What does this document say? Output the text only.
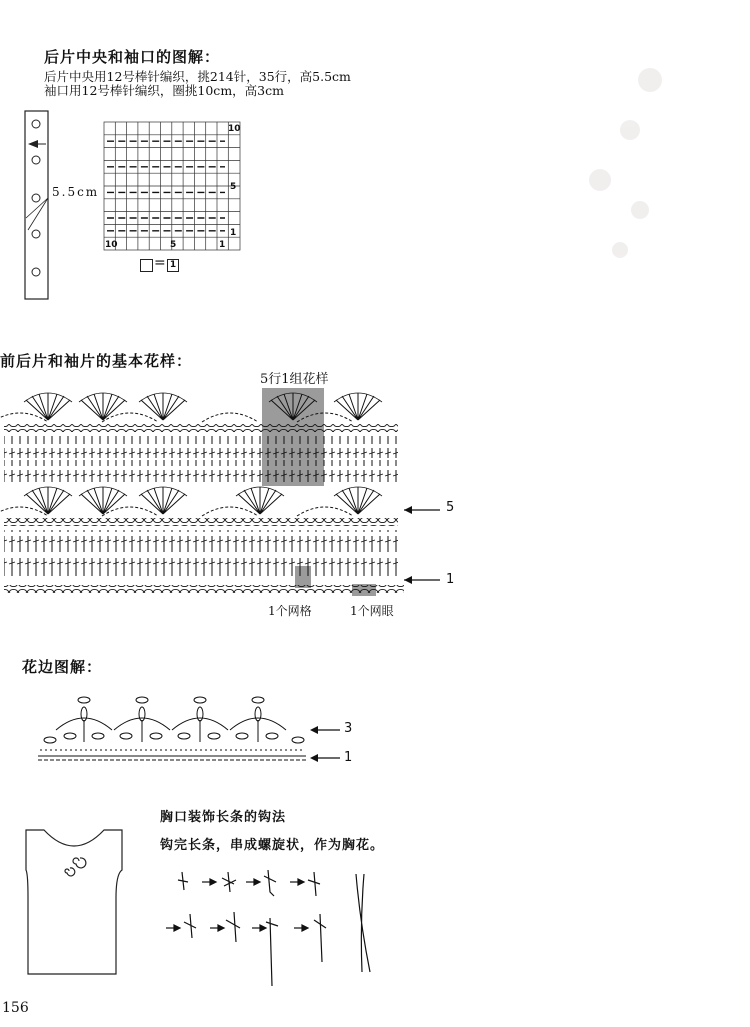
后片中央和袖口的图解：
后片中央用12号棒针编织，挑214针，35行，高5.5cm
袖口用12号棒针编织，圈挑10cm，高3cm
5.5cm
10
5
1
10	5	1
= 1
前后片和袖片的基本花样：
5行1组花样
5
1
1个网格	1个网眼
花边图解：
3
1
胸口装饰长条的钩法
钩完长条，串成螺旋状，作为胸花。
156
